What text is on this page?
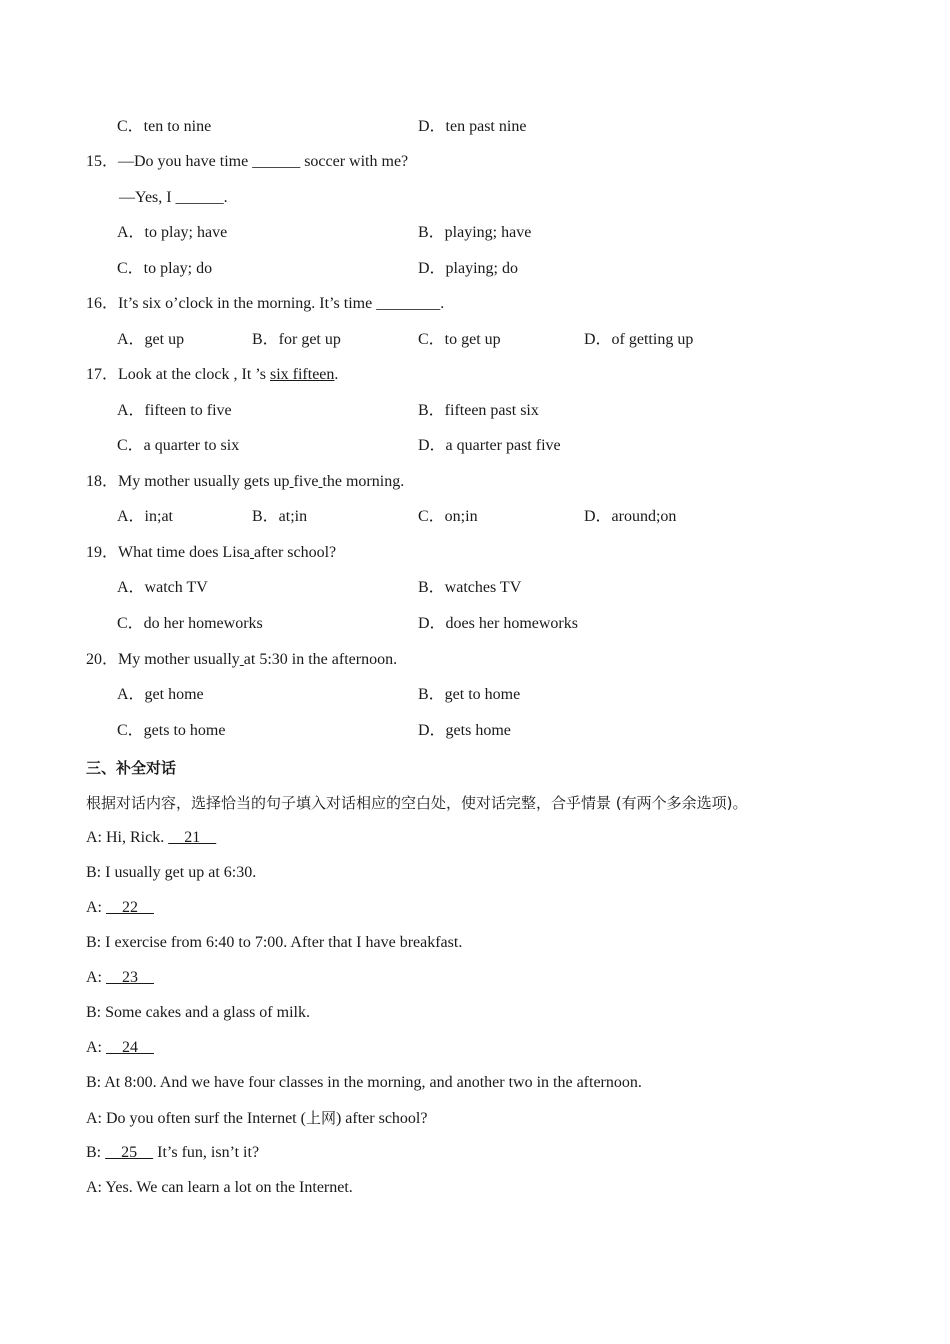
C．ten to nine	D．ten past nine
15．—Do you have time ______ soccer with me?
—Yes, I ______.
A．to play; have	B．playing; have
C．to play; do	D．playing; do
16．It’s six o’clock in the morning. It’s time ________.
A．get up	B．for get up	C．to get up	D．of getting up
17．Look at the clock , It ’s six fifteen.
A．fifteen to five	B．fifteen past six
C．a quarter to six	D．a quarter past five
18．My mother usually gets up five the morning.
A．in;at	B．at;in	C．on;in	D．around;on
19．What time does Lisa after school?
A．watch TV	B．watches TV
C．do her homeworks	D．does her homeworks
20．My mother usually at 5:30 in the afternoon.
A．get home	B．get to home
C．gets to home	D．gets home
三、补全对话
根据对话内容，选择恰当的句子填入对话相应的空白处，使对话完整，合乎情景 (有两个多余选项)。
A: Hi, Rick.     21
B: I usually get up at 6:30.
A:     22
B: I exercise from 6:40 to 7:00. After that I have breakfast.
A:     23
B: Some cakes and a glass of milk.
A:     24
B: At 8:00. And we have four classes in the morning, and another two in the afternoon.
A: Do you often surf the Internet (上网) after school?
B:     25     It’s fun, isn’t it?
A: Yes. We can learn a lot on the Internet.
